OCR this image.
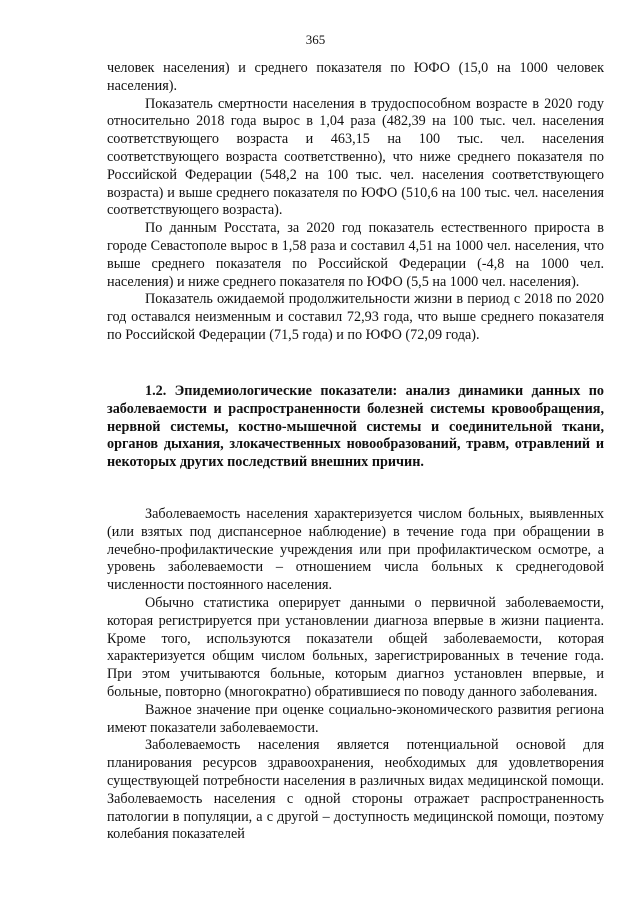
365

человек населения) и среднего показателя по ЮФО (15,0 на 1000 человек населения).

Показатель смертности населения в трудоспособном возрасте в 2020 году относительно 2018 года вырос в 1,04 раза (482,39 на 100 тыс. чел. населения соответствующего возраста и 463,15 на 100 тыс. чел. населения соответствующего возраста соответственно), что ниже среднего показателя по Российской Федерации (548,2 на 100 тыс. чел. населения соответствующего возраста) и выше среднего показателя по ЮФО (510,6 на 100 тыс. чел. населения соответствующего возраста).

По данным Росстата, за 2020 год показатель естественного прироста в городе Севастополе вырос в 1,58 раза и составил 4,51 на 1000 чел. населения, что выше среднего показателя по Российской Федерации (-4,8 на 1000 чел. населения) и ниже среднего показателя по ЮФО (5,5 на 1000 чел. населения).

Показатель ожидаемой продолжительности жизни в период с 2018 по 2020 год оставался неизменным и составил 72,93 года, что выше среднего показателя по Российской Федерации (71,5 года) и по ЮФО (72,09 года).

1.2. Эпидемиологические показатели: анализ динамики данных по заболеваемости и распространенности болезней системы кровообращения, нервной системы, костно-мышечной системы и соединительной ткани, органов дыхания, злокачественных новообразований, травм, отравлений и некоторых других последствий внешних причин.

Заболеваемость населения характеризуется числом больных, выявленных (или взятых под диспансерное наблюдение) в течение года при обращении в лечебно-профилактические учреждения или при профилактическом осмотре, а уровень заболеваемости – отношением числа больных к среднегодовой численности постоянного населения.

Обычно статистика оперирует данными о первичной заболеваемости, которая регистрируется при установлении диагноза впервые в жизни пациента. Кроме того, используются показатели общей заболеваемости, которая характеризуется общим числом больных, зарегистрированных в течение года. При этом учитываются больные, которым диагноз установлен впервые, и больные, повторно (многократно) обратившиеся по поводу данного заболевания.

Важное значение при оценке социально-экономического развития региона имеют показатели заболеваемости.

Заболеваемость населения является потенциальной основой для планирования ресурсов здравоохранения, необходимых для удовлетворения существующей потребности населения в различных видах медицинской помощи. Заболеваемость населения с одной стороны отражает распространенность патологии в популяции, а с другой – доступность медицинской помощи, поэтому колебания показателей
